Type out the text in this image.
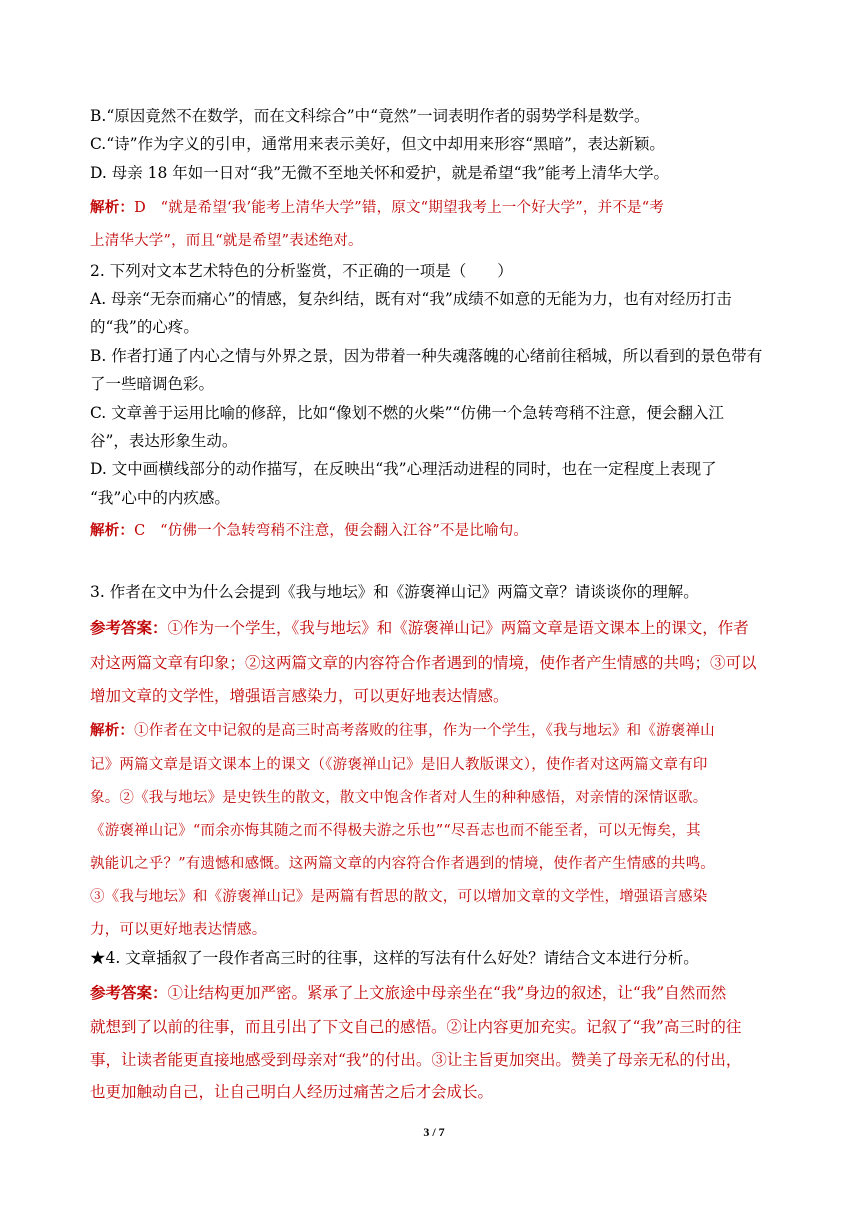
B.“原因竟然不在数学，而在文科综合”中“竟然”一词表明作者的弱势学科是数学。
C.“诗”作为字义的引申，通常用来表示美好，但文中却用来形容“黑暗”，表达新颖。
D. 母亲 18 年如一日对“我”无微不至地关怀和爱护，就是希望“我”能考上清华大学。
解析：D　“就是希望‘我’能考上清华大学”错，原文“期望我考上一个好大学”，并不是“考
上清华大学”，而且“就是希望”表述绝对。
2. 下列对文本艺术特色的分析鉴赏，不正确的一项是（　　）
A. 母亲“无奈而痛心”的情感，复杂纠结，既有对“我”成绩不如意的无能为力，也有对经历打击
的“我”的心疼。
B. 作者打通了内心之情与外界之景，因为带着一种失魂落魄的心绪前往稻城，所以看到的景色带有
了一些暗调色彩。
C. 文章善于运用比喻的修辞，比如“像划不燃的火柴”“仿佛一个急转弯稍不注意，便会翻入江
谷”，表达形象生动。
D. 文中画横线部分的动作描写，在反映出“我”心理活动进程的同时，也在一定程度上表现了
“我”心中的内疚感。
解析：C　“仿佛一个急转弯稍不注意，便会翻入江谷”不是比喻句。
3. 作者在文中为什么会提到《我与地坛》和《游褒禅山记》两篇文章？请谈谈你的理解。
参考答案：①作为一个学生，《我与地坛》和《游褒禅山记》两篇文章是语文课本上的课文，作者
对这两篇文章有印象；②这两篇文章的内容符合作者遇到的情境，使作者产生情感的共鸣；③可以
增加文章的文学性，增强语言感染力，可以更好地表达情感。
解析：①作者在文中记叙的是高三时高考落败的往事，作为一个学生，《我与地坛》和《游褒禅山
记》两篇文章是语文课本上的课文（《游褒禅山记》是旧人教版课文），使作者对这两篇文章有印
象。②《我与地坛》是史铁生的散文，散文中饱含作者对人生的种种感悟，对亲情的深情讴歌。
《游褒禅山记》“而余亦悔其随之而不得极夫游之乐也”“尽吾志也而不能至者，可以无悔矣，其
孰能讥之乎？”有遗憾和感慨。这两篇文章的内容符合作者遇到的情境，使作者产生情感的共鸣。
③《我与地坛》和《游褒禅山记》是两篇有哲思的散文，可以增加文章的文学性，增强语言感染
力，可以更好地表达情感。
★4. 文章插叙了一段作者高三时的往事，这样的写法有什么好处？请结合文本进行分析。
参考答案：①让结构更加严密。紧承了上文旅途中母亲坐在“我”身边的叙述，让“我”自然而然
就想到了以前的往事，而且引出了下文自己的感悟。②让内容更加充实。记叙了“我”高三时的往
事，让读者能更直接地感受到母亲对“我”的付出。③让主旨更加突出。赞美了母亲无私的付出，
也更加触动自己，让自己明白人经历过痛苦之后才会成长。
3 / 7
